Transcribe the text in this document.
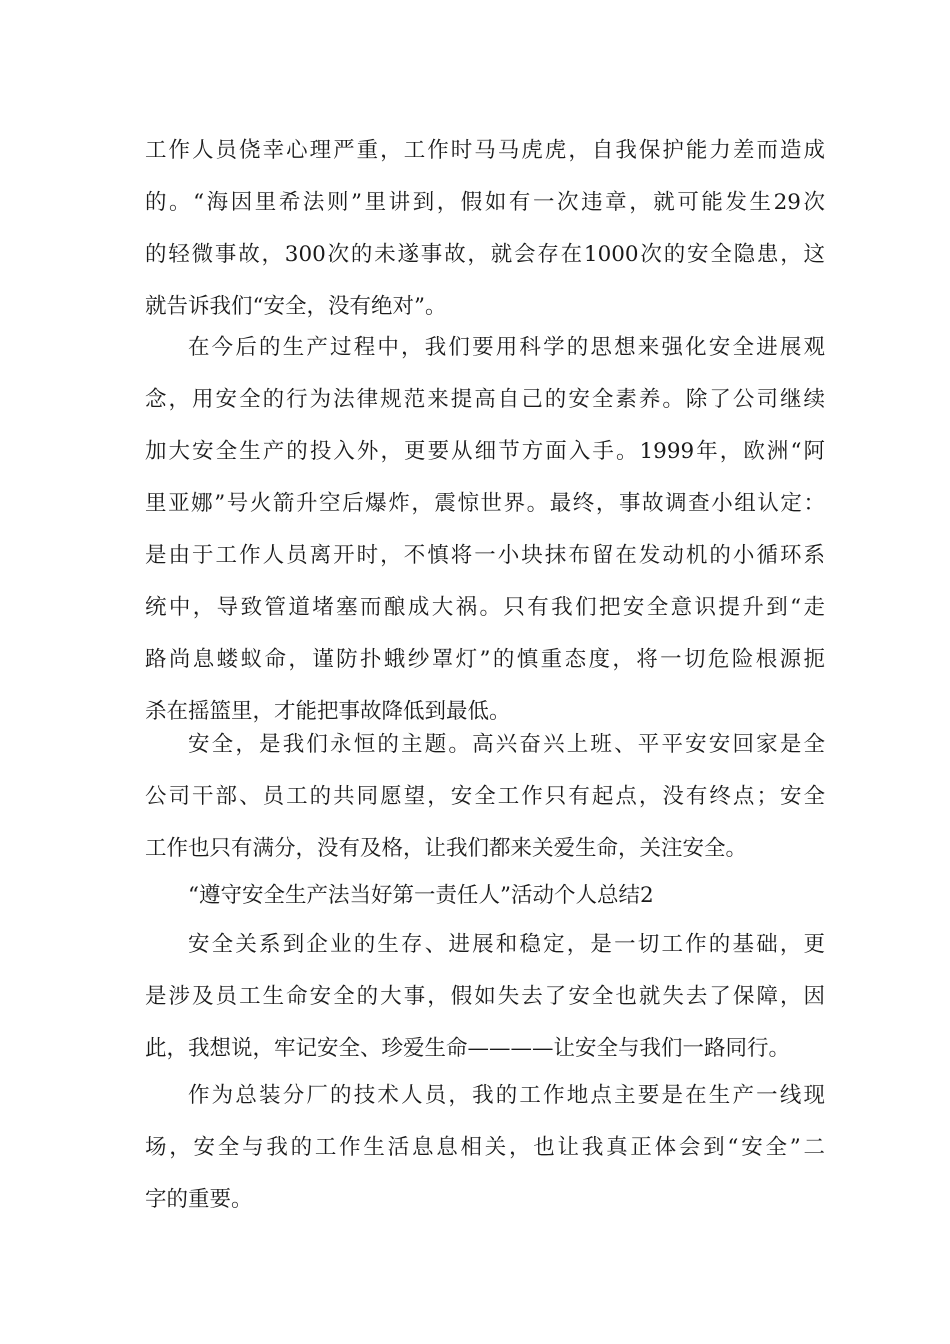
工作人员侥幸心理严重，工作时马马虎虎，自我保护能力差而造成
的。“海因里希法则”里讲到，假如有一次违章，就可能发生29次
的轻微事故，300次的未遂事故，就会存在1000次的安全隐患，这
就告诉我们“安全，没有绝对”。
在今后的生产过程中，我们要用科学的思想来强化安全进展观
念，用安全的行为法律规范来提高自己的安全素养。除了公司继续
加大安全生产的投入外，更要从细节方面入手。1999年，欧洲“阿
里亚娜”号火箭升空后爆炸，震惊世界。最终，事故调查小组认定：
是由于工作人员离开时，不慎将一小块抹布留在发动机的小循环系
统中，导致管道堵塞而酿成大祸。只有我们把安全意识提升到“走
路尚息蝼蚁命，谨防扑蛾纱罩灯”的慎重态度，将一切危险根源扼
杀在摇篮里，才能把事故降低到最低。
安全，是我们永恒的主题。高兴奋兴上班、平平安安回家是全
公司干部、员工的共同愿望，安全工作只有起点，没有终点；安全
工作也只有满分，没有及格，让我们都来关爱生命，关注安全。
“遵守安全生产法当好第一责任人”活动个人总结2
安全关系到企业的生存、进展和稳定，是一切工作的基础，更
是涉及员工生命安全的大事，假如失去了安全也就失去了保障，因
此，我想说，牢记安全、珍爱生命————让安全与我们一路同行。
作为总装分厂的技术人员，我的工作地点主要是在生产一线现
场，安全与我的工作生活息息相关，也让我真正体会到“安全”二
字的重要。
